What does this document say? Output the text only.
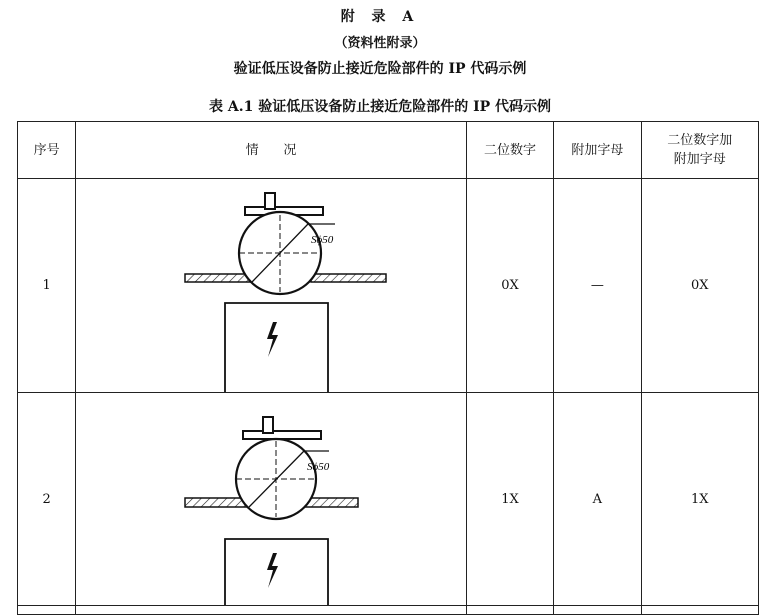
附 录 A
（资料性附录）
验证低压设备防止接近危险部件的 IP 代码示例
表 A.1 验证低压设备防止接近危险部件的 IP 代码示例
序号	情      况	二位数字	附加字母	二位数字加
附加字母

1	Sϕ50	0X	—	0X
2	Sϕ50	1X	A	1X
